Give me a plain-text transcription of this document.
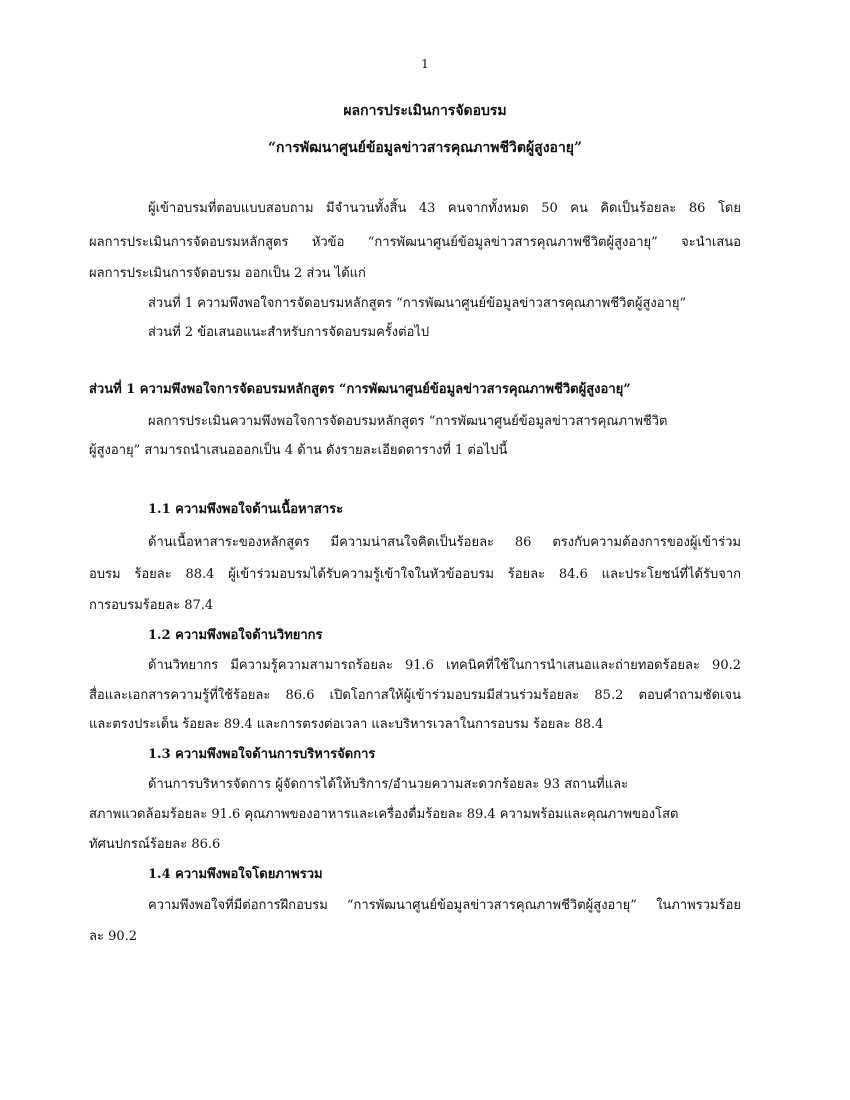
1
ผลการประเมินการจัดอบรม
“การพัฒนาศูนย์ข้อมูลข่าวสารคุณภาพชีวิตผู้สูงอายุ”
ผู้เข้าอบรมที่ตอบแบบสอบถาม มีจำนวนทั้งสิ้น 43 คนจากทั้งหมด 50 คน คิดเป็นร้อยละ 86 โดย
ผลการประเมินการจัดอบรมหลักสูตร หัวข้อ “การพัฒนาศูนย์ข้อมูลข่าวสารคุณภาพชีวิตผู้สูงอายุ” จะนำเสนอ
ผลการประเมินการจัดอบรม ออกเป็น 2 ส่วน ได้แก่
ส่วนที่ 1 ความพึงพอใจการจัดอบรมหลักสูตร “การพัฒนาศูนย์ข้อมูลข่าวสารคุณภาพชีวิตผู้สูงอายุ”
ส่วนที่ 2 ข้อเสนอแนะสำหรับการจัดอบรมครั้งต่อไป
ส่วนที่ 1 ความพึงพอใจการจัดอบรมหลักสูตร “การพัฒนาศูนย์ข้อมูลข่าวสารคุณภาพชีวิตผู้สูงอายุ”
ผลการประเมินความพึงพอใจการจัดอบรมหลักสูตร “การพัฒนาศูนย์ข้อมูลข่าวสารคุณภาพชีวิต
ผู้สูงอายุ” สามารถนำเสนอออกเป็น 4 ด้าน ดังรายละเอียดตารางที่ 1 ต่อไปนี้
1.1 ความพึงพอใจด้านเนื้อหาสาระ
ด้านเนื้อหาสาระของหลักสูตร มีความน่าสนใจคิดเป็นร้อยละ 86 ตรงกับความต้องการของผู้เข้าร่วม
อบรม ร้อยละ 88.4 ผู้เข้าร่วมอบรมได้รับความรู้เข้าใจในหัวข้ออบรม ร้อยละ 84.6 และประโยชน์ที่ได้รับจาก
การอบรมร้อยละ 87.4
1.2 ความพึงพอใจด้านวิทยากร
ด้านวิทยากร มีความรู้ความสามารถร้อยละ 91.6 เทคนิคที่ใช้ในการนำเสนอและถ่ายทอดร้อยละ 90.2
สื่อและเอกสารความรู้ที่ใช้ร้อยละ 86.6 เปิดโอกาสให้ผู้เข้าร่วมอบรมมีส่วนร่วมร้อยละ 85.2 ตอบคำถามชัดเจน
และตรงประเด็น ร้อยละ 89.4 และการตรงต่อเวลา และบริหารเวลาในการอบรม ร้อยละ 88.4
1.3 ความพึงพอใจด้านการบริหารจัดการ
ด้านการบริหารจัดการ ผู้จัดการได้ให้บริการ/อำนวยความสะดวกร้อยละ 93 สถานที่และ
สภาพแวดล้อมร้อยละ 91.6 คุณภาพของอาหารและเครื่องดื่มร้อยละ 89.4 ความพร้อมและคุณภาพของโสต
ทัศนปกรณ์ร้อยละ 86.6
1.4 ความพึงพอใจโดยภาพรวม
ความพึงพอใจที่มีต่อการฝึกอบรม “การพัฒนาศูนย์ข้อมูลข่าวสารคุณภาพชีวิตผู้สูงอายุ” ในภาพรวมร้อย
ละ 90.2
